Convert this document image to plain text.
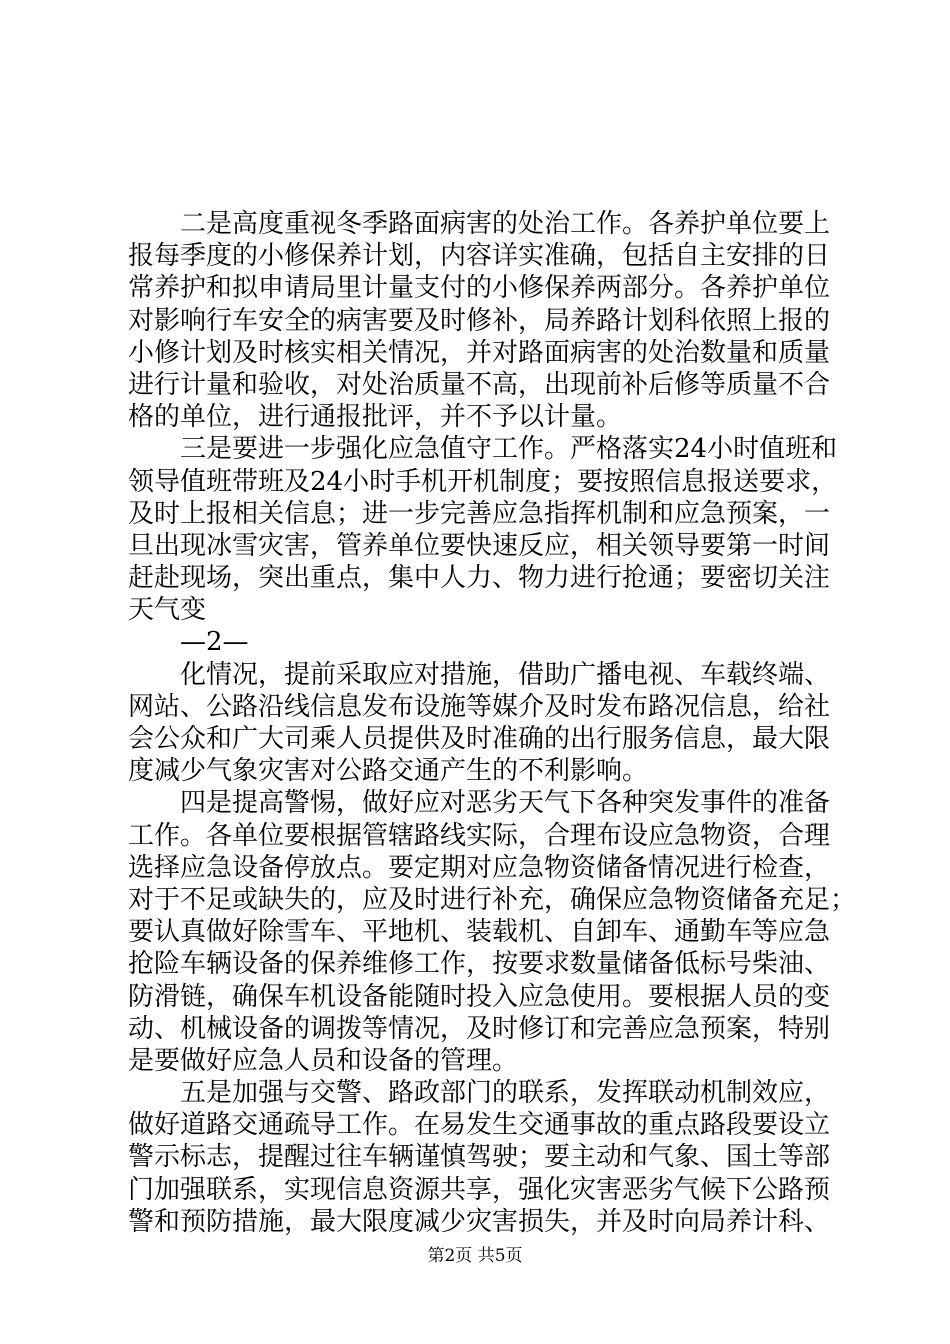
二是高度重视冬季路面病害的处治工作。各养护单位要上
报每季度的小修保养计划，内容详实准确，包括自主安排的日
常养护和拟申请局里计量支付的小修保养两部分。各养护单位
对影响行车安全的病害要及时修补，局养路计划科依照上报的
小修计划及时核实相关情况，并对路面病害的处治数量和质量
进行计量和验收，对处治质量不高，出现前补后修等质量不合
格的单位，进行通报批评，并不予以计量。
三是要进一步强化应急值守工作。严格落实24小时值班和
领导值班带班及24小时手机开机制度；要按照信息报送要求，
及时上报相关信息；进一步完善应急指挥机制和应急预案，一
旦出现冰雪灾害，管养单位要快速反应，相关领导要第一时间
赶赴现场，突出重点，集中人力、物力进行抢通；要密切关注
天气变
—2—
化情况，提前采取应对措施，借助广播电视、车载终端、
网站、公路沿线信息发布设施等媒介及时发布路况信息，给社
会公众和广大司乘人员提供及时准确的出行服务信息，最大限
度减少气象灾害对公路交通产生的不利影响。
四是提高警惕，做好应对恶劣天气下各种突发事件的准备
工作。各单位要根据管辖路线实际，合理布设应急物资，合理
选择应急设备停放点。要定期对应急物资储备情况进行检查，
对于不足或缺失的，应及时进行补充，确保应急物资储备充足；
要认真做好除雪车、平地机、装载机、自卸车、通勤车等应急
抢险车辆设备的保养维修工作，按要求数量储备低标号柴油、
防滑链，确保车机设备能随时投入应急使用。要根据人员的变
动、机械设备的调拨等情况，及时修订和完善应急预案，特别
是要做好应急人员和设备的管理。
五是加强与交警、路政部门的联系，发挥联动机制效应，
做好道路交通疏导工作。在易发生交通事故的重点路段要设立
警示标志，提醒过往车辆谨慎驾驶；要主动和气象、国土等部
门加强联系，实现信息资源共享，强化灾害恶劣气候下公路预
警和预防措施，最大限度减少灾害损失，并及时向局养计科、
第2页 共5页
